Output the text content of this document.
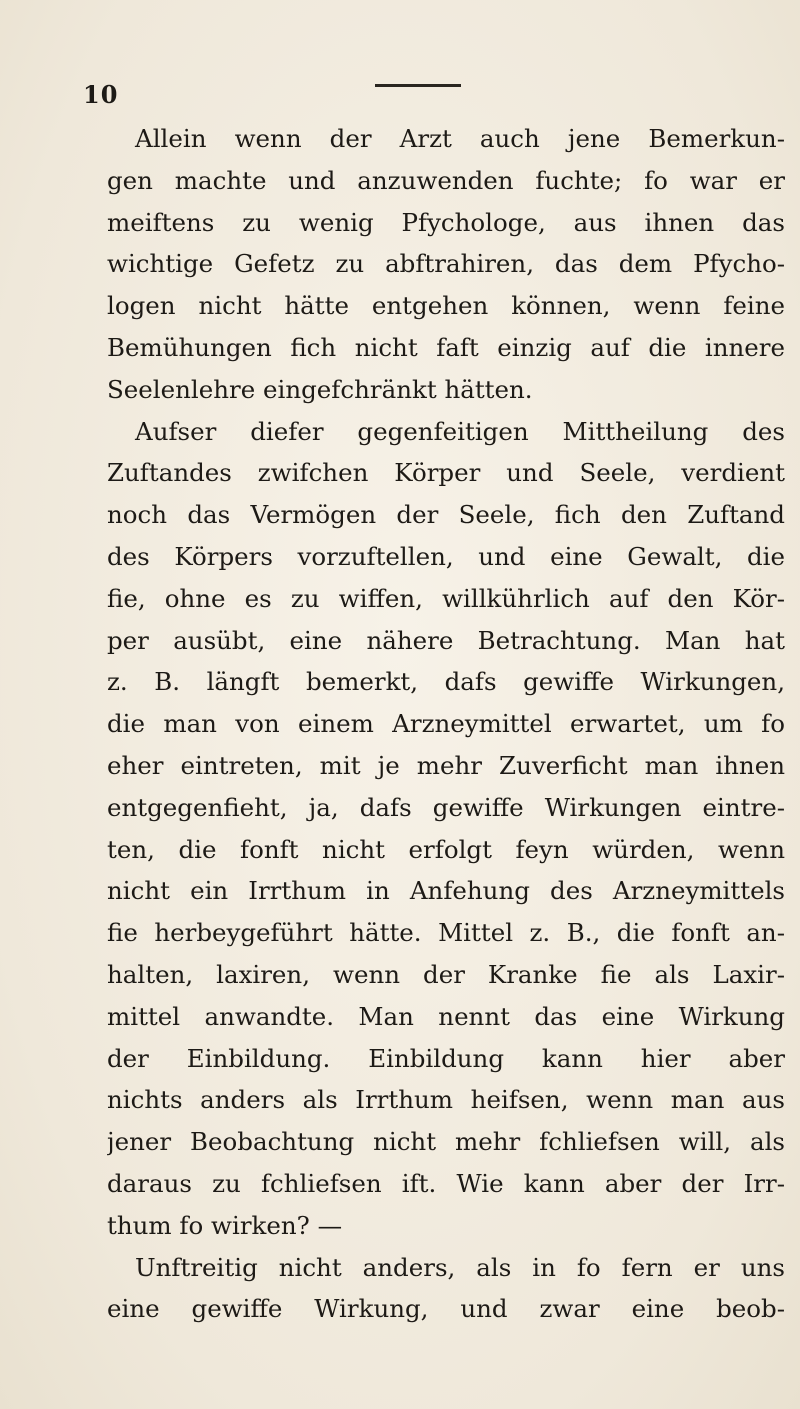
10
Allein wenn der Arzt auch jene Bemerkun-
gen machte und anzuwenden fuchte; fo war er
meiftens zu wenig Pfychologe, aus ihnen das
wichtige Gefetz zu abftrahiren, das dem Pfycho-
logen nicht hätte entgehen können, wenn feine
Bemühungen fich nicht faft einzig auf die innere
Seelenlehre eingefchränkt hätten.
Aufser diefer gegenfeitigen Mittheilung des
Zuftandes zwifchen Körper und Seele, verdient
noch das Vermögen der Seele, fich den Zuftand
des Körpers vorzuftellen, und eine Gewalt, die
fie, ohne es zu wiffen, willkührlich auf den Kör-
per ausübt, eine nähere Betrachtung. Man hat
z. B. längft bemerkt, dafs gewiffe Wirkungen,
die man von einem Arzneymittel erwartet, um fo
eher eintreten, mit je mehr Zuverficht man ihnen
entgegenfieht, ja, dafs gewiffe Wirkungen eintre-
ten, die fonft nicht erfolgt feyn würden, wenn
nicht ein Irrthum in Anfehung des Arzneymittels
fie herbeygeführt hätte. Mittel z. B., die fonft an-
halten, laxiren, wenn der Kranke fie als Laxir-
mittel anwandte. Man nennt das eine Wirkung
der Einbildung. Einbildung kann hier aber
nichts anders als Irrthum heifsen, wenn man aus
jener Beobachtung nicht mehr fchliefsen will, als
daraus zu fchliefsen ift. Wie kann aber der Irr-
thum fo wirken? —
Unftreitig nicht anders, als in fo fern er uns
eine gewiffe Wirkung, und zwar eine beob-
